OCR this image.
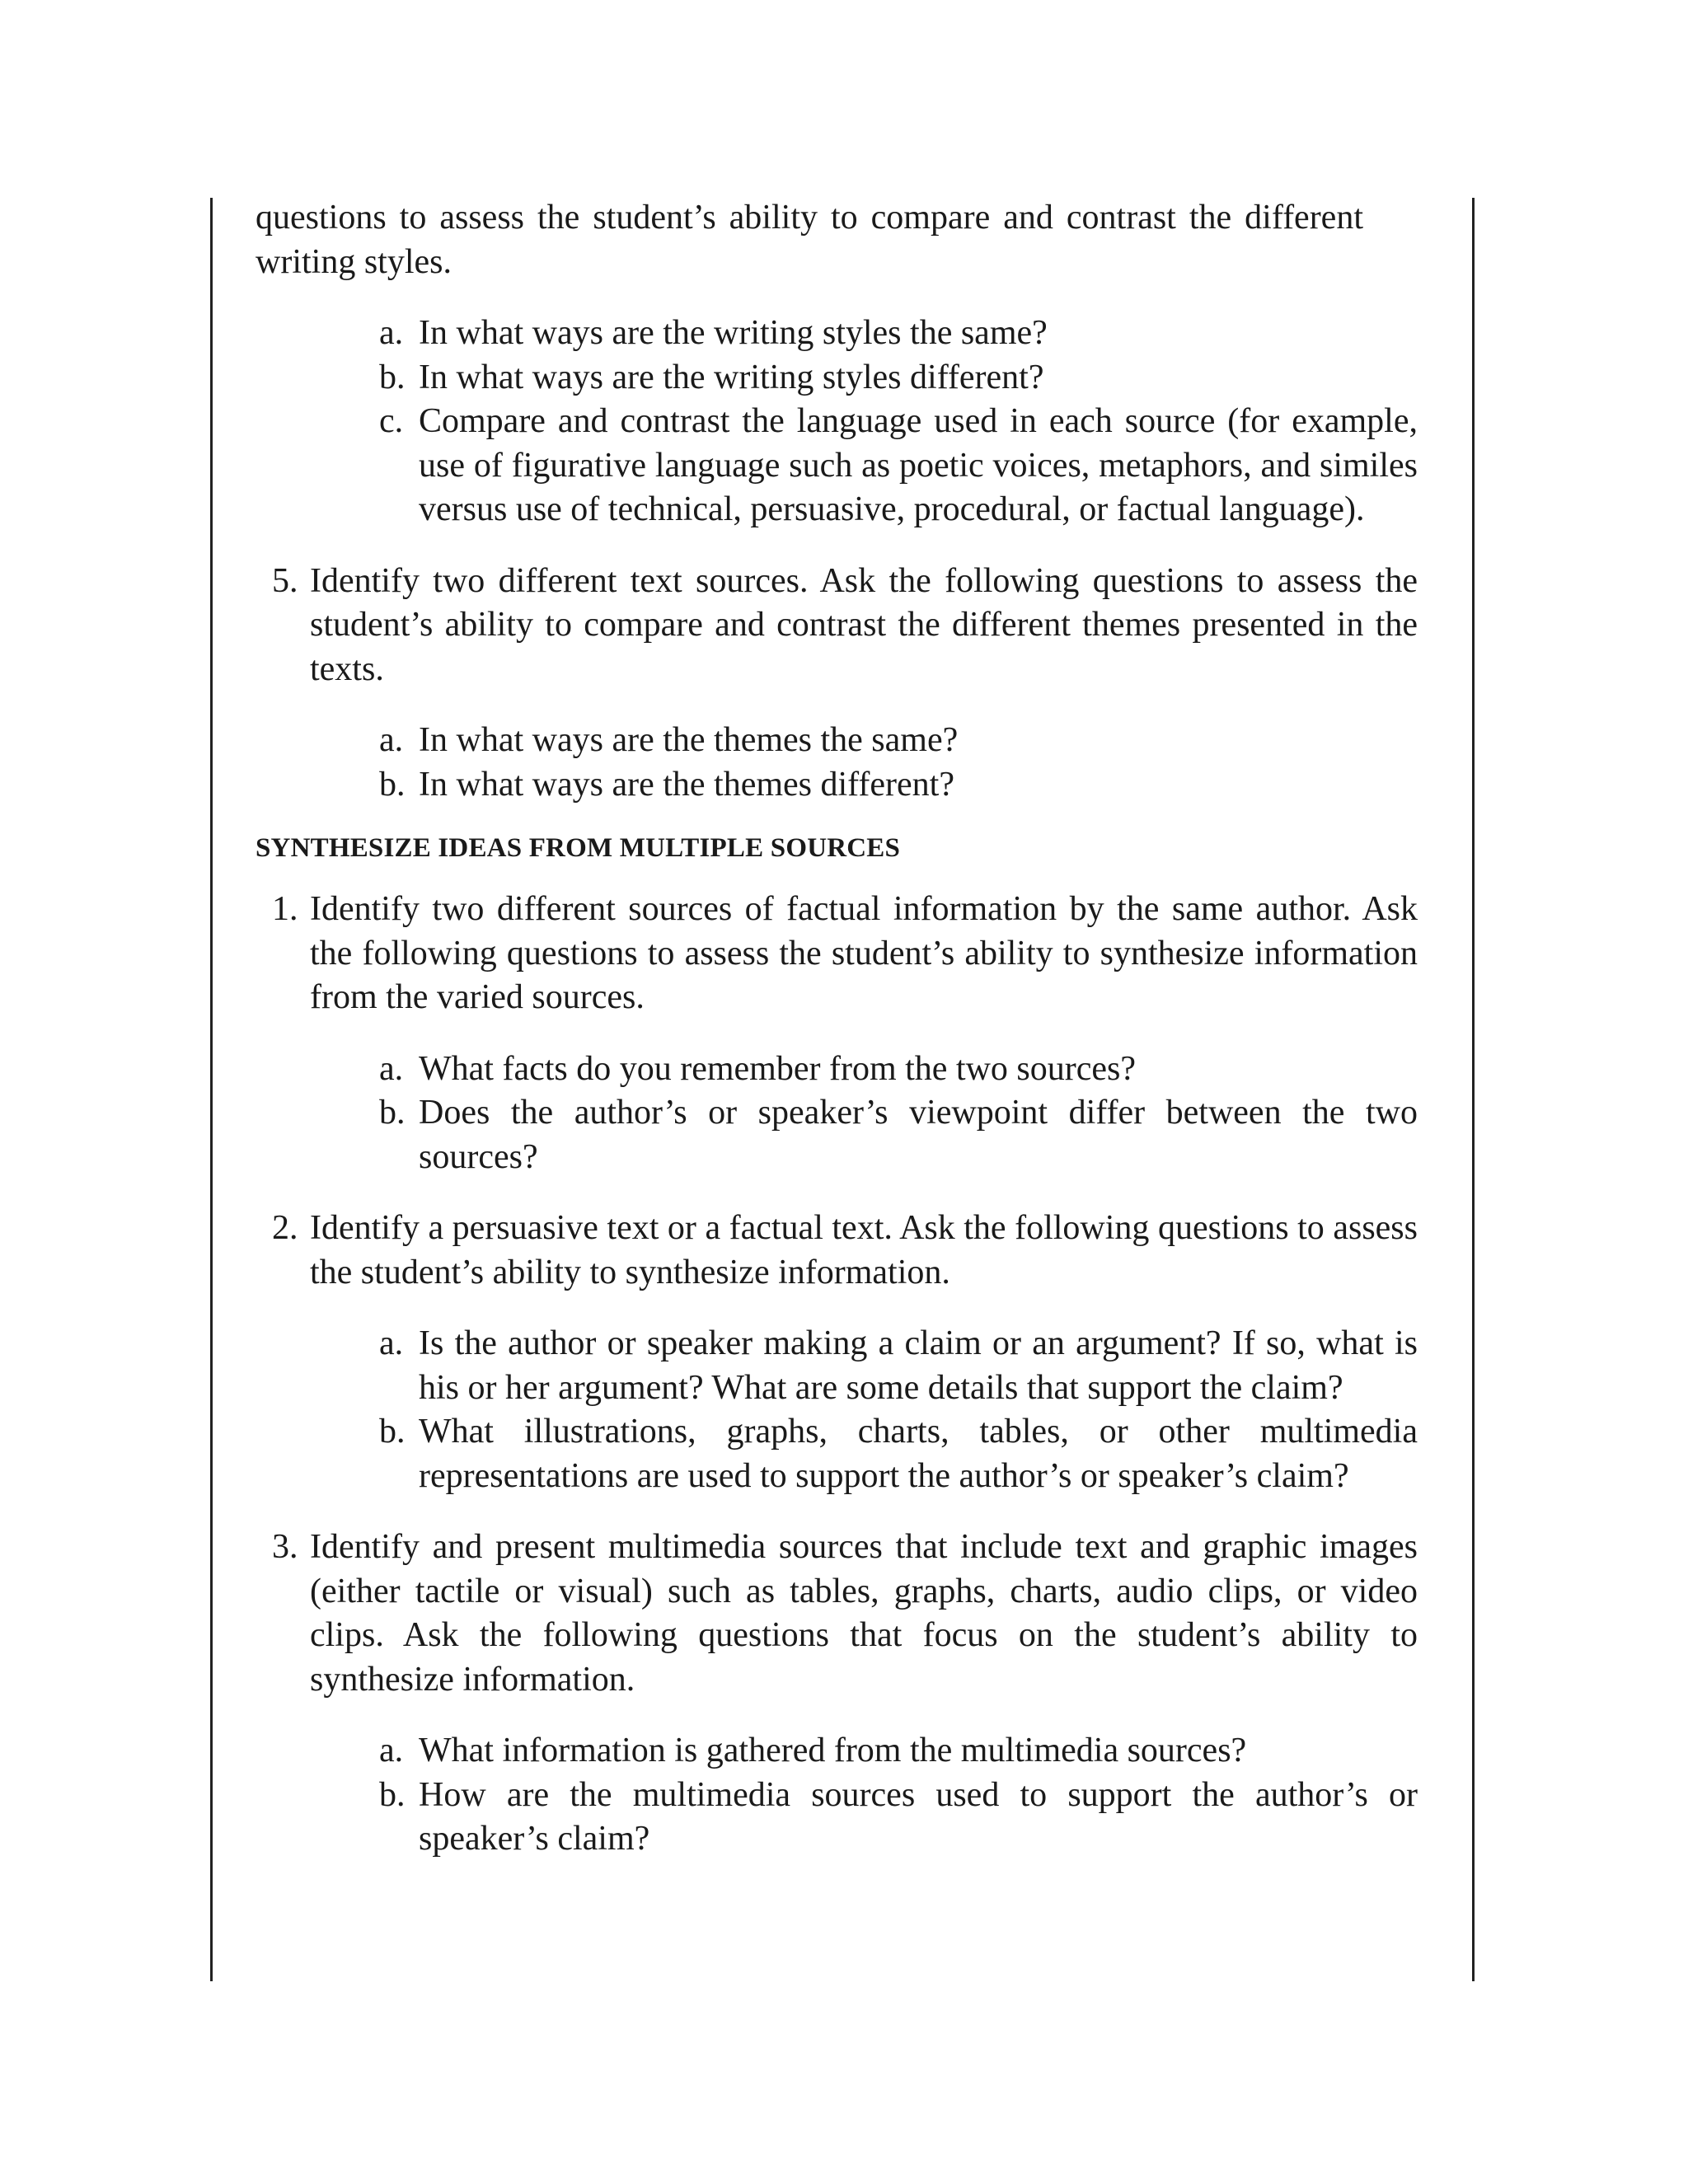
questions to assess the student’s ability to compare and contrast the different writing styles.

a. In what ways are the writing styles the same?
b. In what ways are the writing styles different?
c. Compare and contrast the language used in each source (for example, use of figurative language such as poetic voices, metaphors, and similes versus use of technical, persuasive, procedural, or factual language).

5. Identify two different text sources. Ask the following questions to assess the student’s ability to compare and contrast the different themes presented in the texts.

a. In what ways are the themes the same?
b. In what ways are the themes different?
SYNTHESIZE IDEAS FROM MULTIPLE SOURCES

1. Identify two different sources of factual information by the same author. Ask the following questions to assess the student’s ability to synthesize information from the varied sources.

a. What facts do you remember from the two sources?
b. Does the author’s or speaker’s viewpoint differ between the two sources?

2. Identify a persuasive text or a factual text. Ask the following questions to assess the student’s ability to synthesize information.

a. Is the author or speaker making a claim or an argument? If so, what is his or her argument? What are some details that support the claim?
b. What illustrations, graphs, charts, tables, or other multimedia representations are used to support the author’s or speaker’s claim?

3. Identify and present multimedia sources that include text and graphic images (either tactile or visual) such as tables, graphs, charts, audio clips, or video clips. Ask the following questions that focus on the student’s ability to synthesize information.

a. What information is gathered from the multimedia sources?
b. How are the multimedia sources used to support the author’s or speaker’s claim?
